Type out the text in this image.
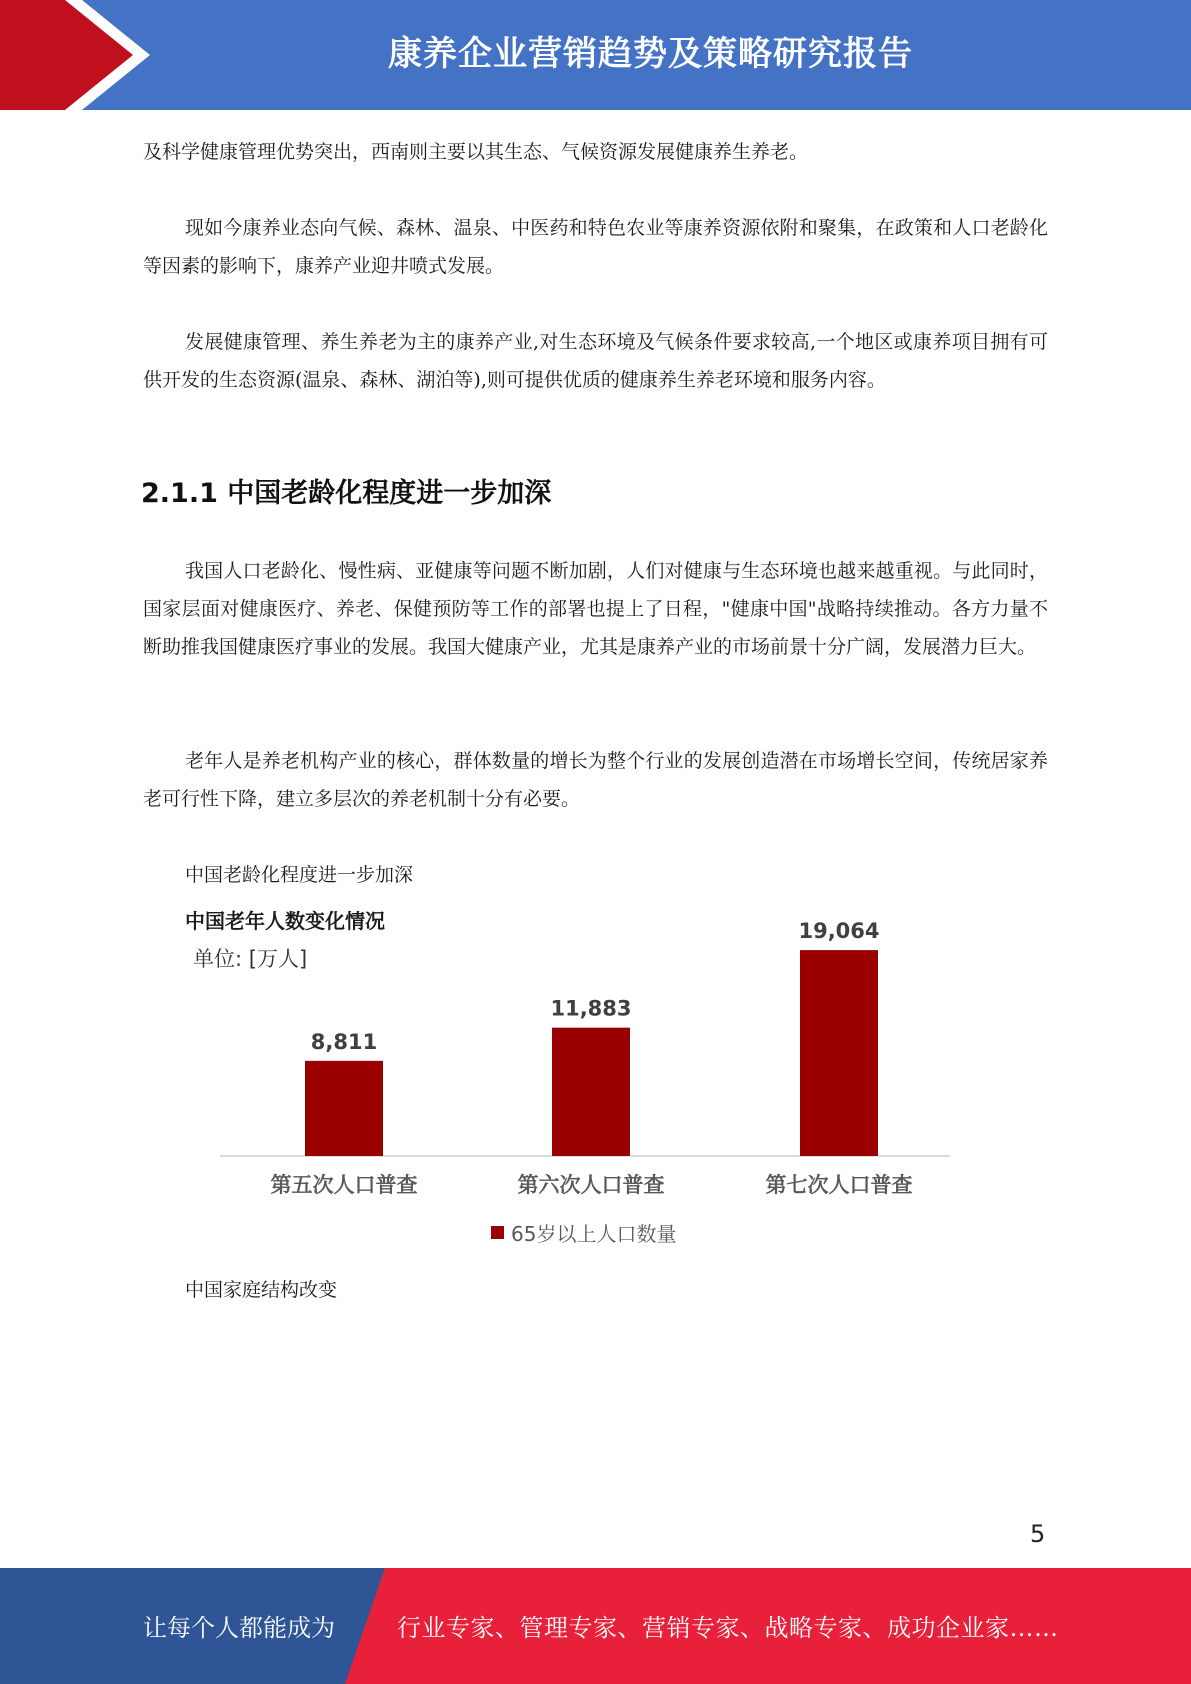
康养企业营销趋势及策略研究报告

及科学健康管理优势突出，西南则主要以其生态、气候资源发展健康养生养老。

现如今康养业态向气候、森林、温泉、中医药和特色农业等康养资源依附和聚集，在政策和人口老龄化等因素的影响下，康养产业迎井喷式发展。

发展健康管理、养生养老为主的康养产业,对生态环境及气候条件要求较高,一个地区或康养项目拥有可供开发的生态资源(温泉、森林、湖泊等),则可提供优质的健康养生养老环境和服务内容。

2.1.1 中国老龄化程度进一步加深

我国人口老龄化、慢性病、亚健康等问题不断加剧，人们对健康与生态环境也越来越重视。与此同时，国家层面对健康医疗、养老、保健预防等工作的部署也提上了日程，"健康中国"战略持续推动。各方力量不断助推我国健康医疗事业的发展。我国大健康产业，尤其是康养产业的市场前景十分广阔，发展潜力巨大。

老年人是养老机构产业的核心，群体数量的增长为整个行业的发展创造潜在市场增长空间，传统居家养老可行性下降，建立多层次的养老机制十分有必要。

中国老龄化程度进一步加深
中国老年人数变化情况
单位: [万人]
8,811
第五次人口普查
11,883
第六次人口普查
19,064
第七次人口普查
65岁以上人口数量
中国家庭结构改变
5
让每个人都能成为	行业专家、管理专家、营销专家、战略专家、成功企业家……
